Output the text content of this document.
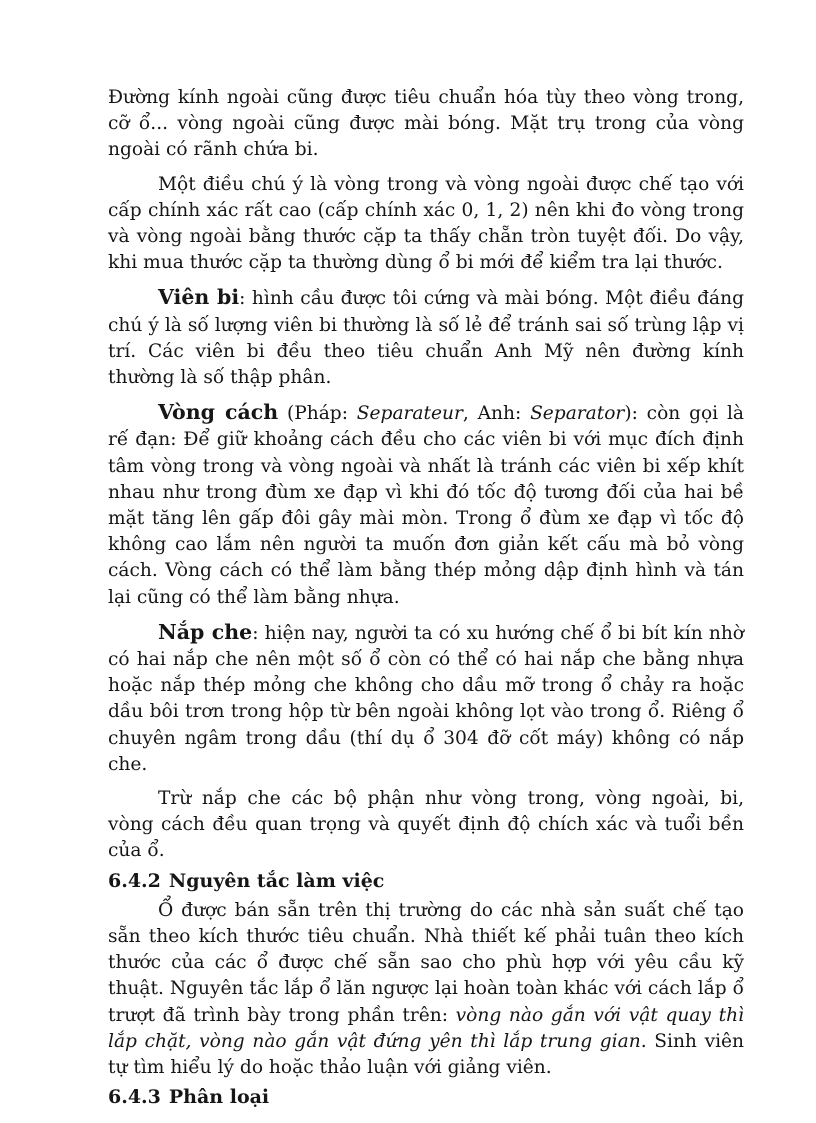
Đường kính ngoài cũng được tiêu chuẩn hóa tùy theo vòng trong, cỡ ổ... vòng ngoài cũng được mài bóng. Mặt trụ trong của vòng ngoài có rãnh chứa bi.

Một điều chú ý là vòng trong và vòng ngoài được chế tạo với cấp chính xác rất cao (cấp chính xác 0, 1, 2) nên khi đo vòng trong và vòng ngoài bằng thước cặp ta thấy chẵn tròn tuyệt đối. Do vậy, khi mua thước cặp ta thường dùng ổ bi mới để kiểm tra lại thước.

Viên bi: hình cầu được tôi cứng và mài bóng. Một điều đáng chú ý là số lượng viên bi thường là số lẻ để tránh sai số trùng lập vị trí. Các viên bi đều theo tiêu chuẩn Anh Mỹ nên đường kính thường là số thập phân.

Vòng cách (Pháp: Separateur, Anh: Separator): còn gọi là rế đạn: Để giữ khoảng cách đều cho các viên bi với mục đích định tâm vòng trong và vòng ngoài và nhất là tránh các viên bi xếp khít nhau như trong đùm xe đạp vì khi đó tốc độ tương đối của hai bề mặt tăng lên gấp đôi gây mài mòn. Trong ổ đùm xe đạp vì tốc độ không cao lắm nên người ta muốn đơn giản kết cấu mà bỏ vòng cách. Vòng cách có thể làm bằng thép mỏng dập định hình và tán lại cũng có thể làm bằng nhựa.

Nắp che: hiện nay, người ta có xu hướng chế ổ bi bít kín nhờ có hai nắp che nên một số ổ còn có thể có hai nắp che bằng nhựa hoặc nắp thép mỏng che không cho dầu mỡ trong ổ chảy ra hoặc dầu bôi trơn trong hộp từ bên ngoài không lọt vào trong ổ. Riêng ổ chuyên ngâm trong dầu (thí dụ ổ 304 đỡ cốt máy) không có nắp che.

Trừ nắp che các bộ phận như vòng trong, vòng ngoài, bi, vòng cách đều quan trọng và quyết định độ chích xác và tuổi bền của ổ.

6.4.2 Nguyên tắc làm việc

Ổ được bán sẵn trên thị trường do các nhà sản suất chế tạo sẵn theo kích thước tiêu chuẩn. Nhà thiết kế phải tuân theo kích thước của các ổ được chế sẵn sao cho phù hợp với yêu cầu kỹ thuật. Nguyên tắc lắp ổ lăn ngược lại hoàn toàn khác với cách lắp ổ trượt đã trình bày trong phần trên: vòng nào gắn với vật quay thì lắp chặt, vòng nào gắn vật đứng yên thì lắp trung gian. Sinh viên tự tìm hiểu lý do hoặc thảo luận với giảng viên.

6.4.3 Phân loại
